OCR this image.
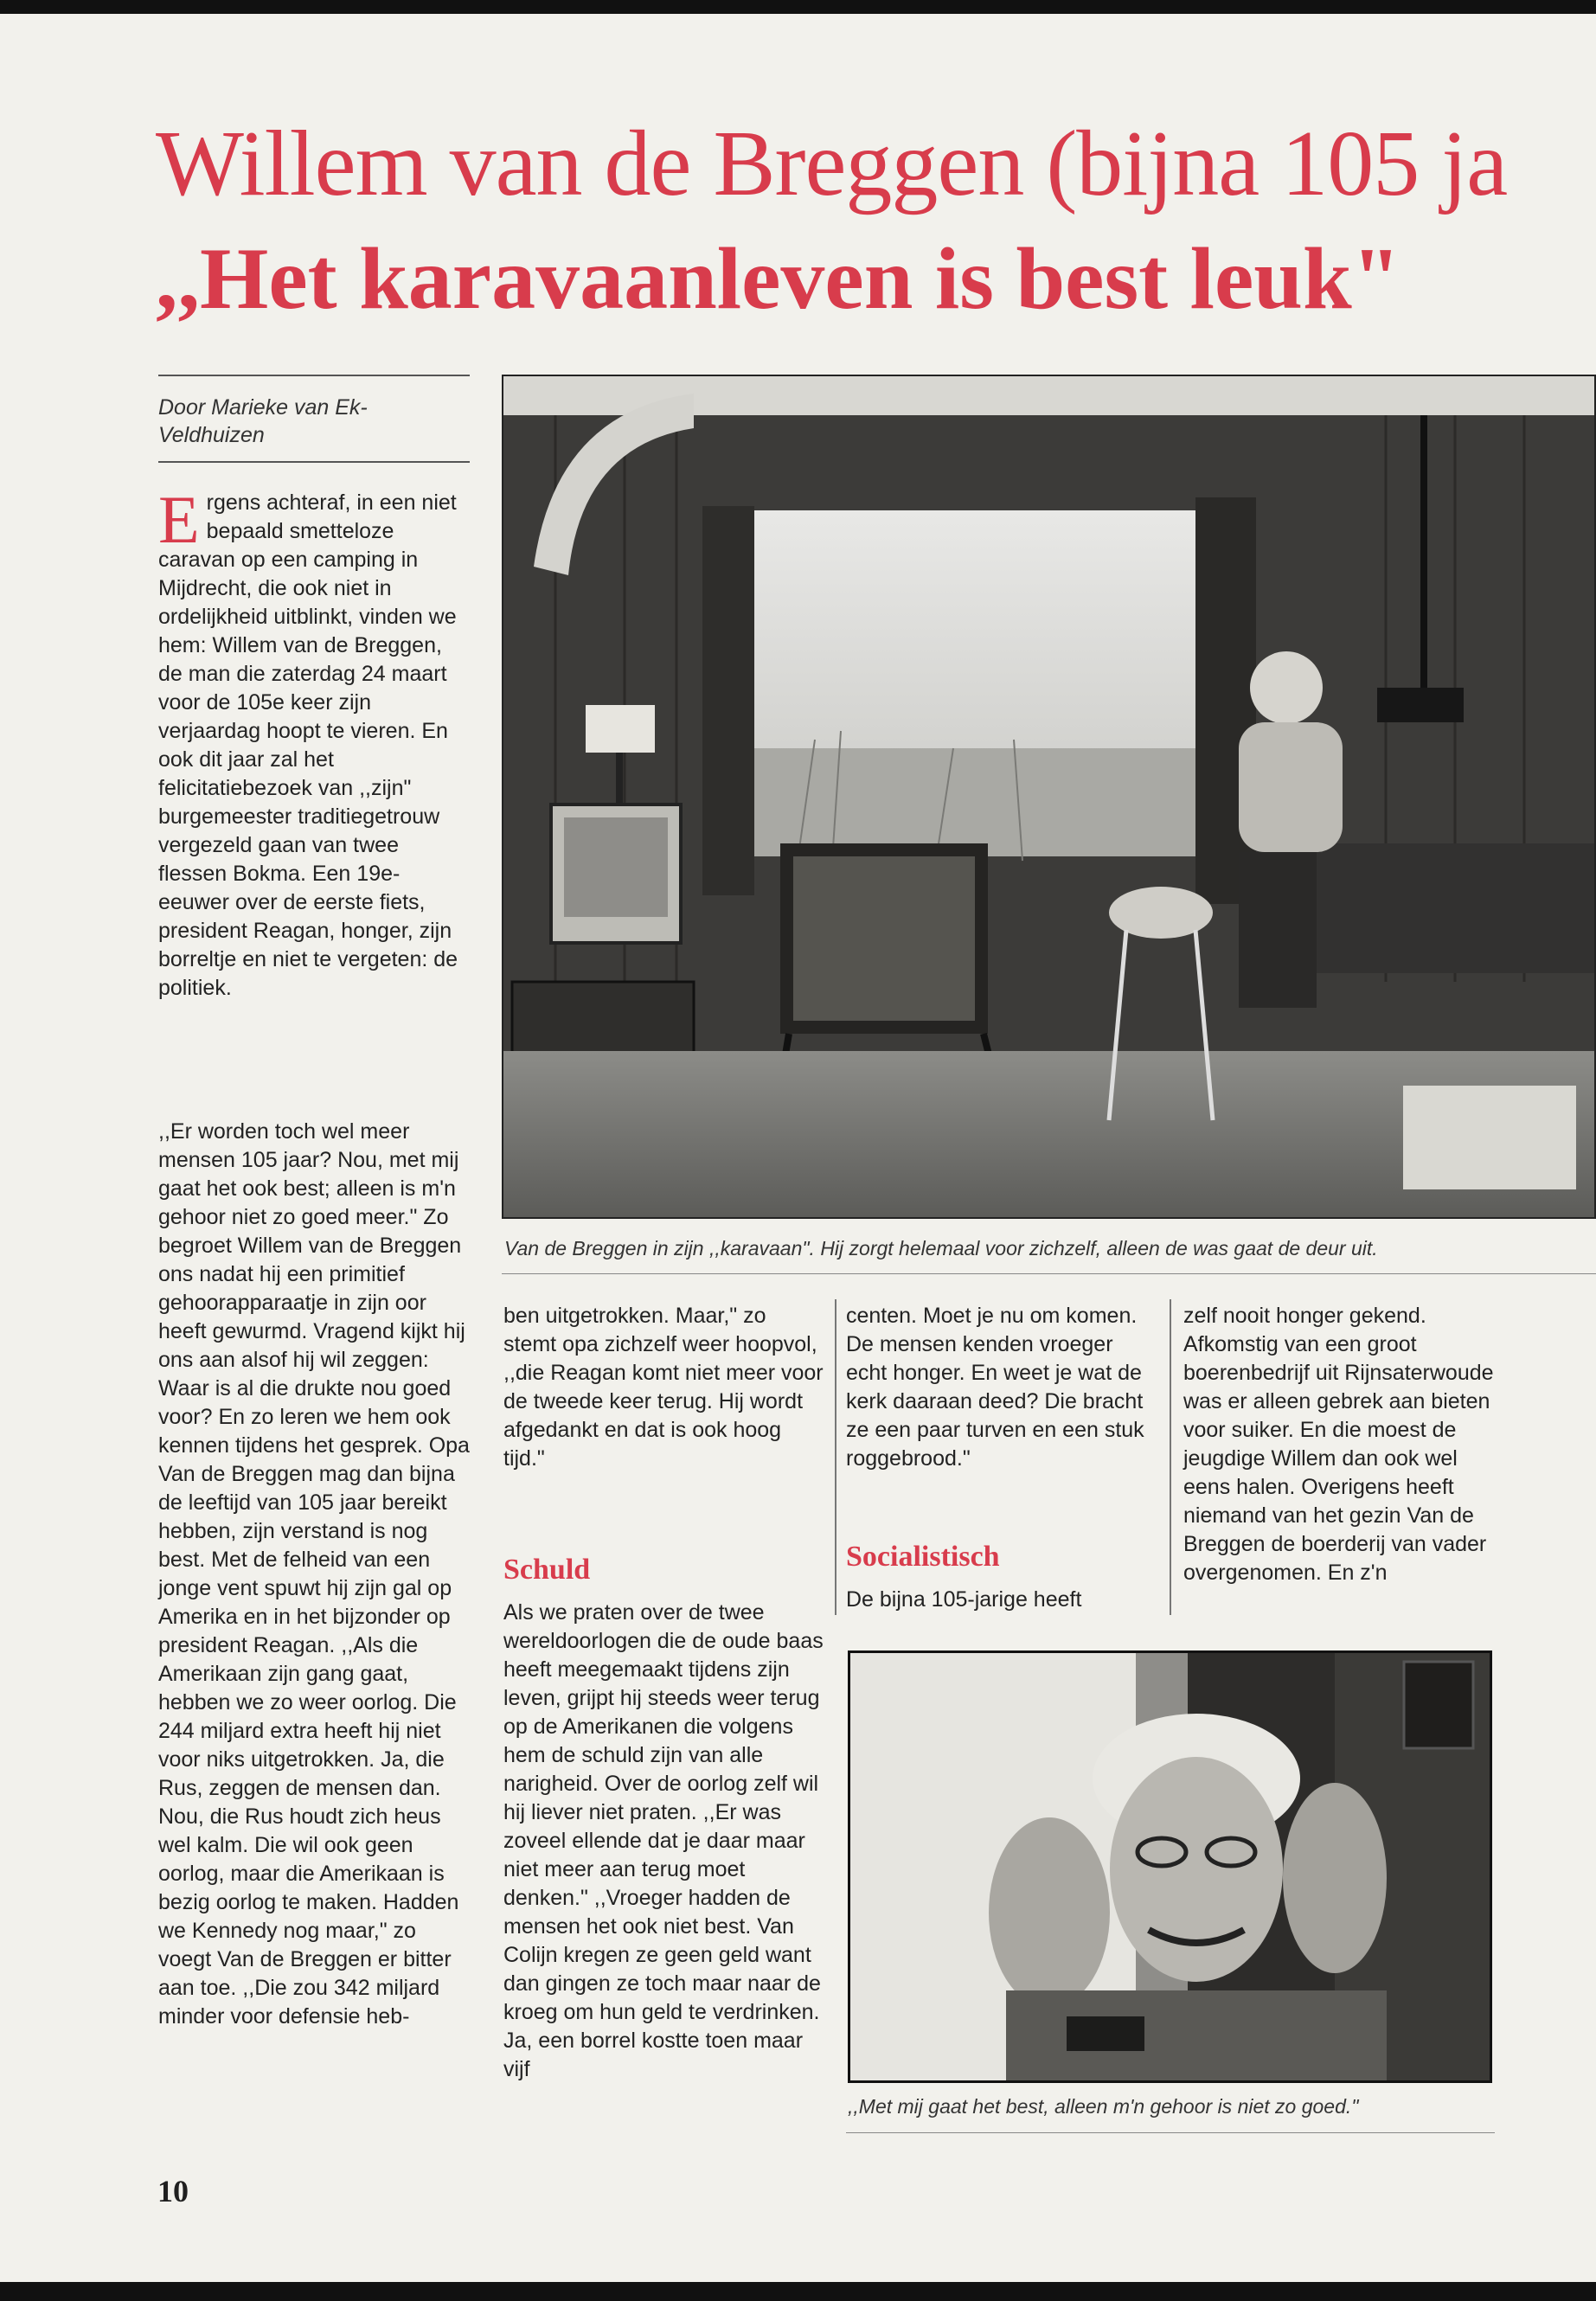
Willem van de Breggen (bijna 105 ja
,,Het karavaanleven is best leuk"
Door Marieke van Ek-Veldhuizen
E rgens achteraf, in een niet bepaald smetteloze caravan op een camping in Mijdrecht, die ook niet in ordelijkheid uitblinkt, vinden we hem: Willem van de Breggen, de man die zaterdag 24 maart voor de 105e keer zijn verjaardag hoopt te vieren. En ook dit jaar zal het felicitatiebezoek van ,,zijn" burgemeester traditiegetrouw vergezeld gaan van twee flessen Bokma. Een 19e-eeuwer over de eerste fiets, president Reagan, honger, zijn borreltje en niet te vergeten: de politiek.
,,Er worden toch wel meer mensen 105 jaar? Nou, met mij gaat het ook best; alleen is m'n gehoor niet zo goed meer." Zo begroet Willem van de Breggen ons nadat hij een primitief gehoorapparaatje in zijn oor heeft gewurmd. Vragend kijkt hij ons aan alsof hij wil zeggen: Waar is al die drukte nou goed voor? En zo leren we hem ook kennen tijdens het gesprek. Opa Van de Breggen mag dan bijna de leeftijd van 105 jaar bereikt hebben, zijn verstand is nog best. Met de felheid van een jonge vent spuwt hij zijn gal op Amerika en in het bijzonder op president Reagan. ,,Als die Amerikaan zijn gang gaat, hebben we zo weer oorlog. Die 244 miljard extra heeft hij niet voor niks uitgetrokken. Ja, die Rus, zeggen de mensen dan. Nou, die Rus houdt zich heus wel kalm. Die wil ook geen oorlog, maar die Amerikaan is bezig oorlog te maken. Hadden we Kennedy nog maar," zo voegt Van de Breggen er bitter aan toe. ,,Die zou 342 miljard minder voor defensie heb-
Van de Breggen in zijn ,,karavaan". Hij zorgt helemaal voor zichzelf, alleen de was gaat de deur uit.
ben uitgetrokken. Maar," zo stemt opa zichzelf weer hoopvol, ,,die Reagan komt niet meer voor de tweede keer terug. Hij wordt afgedankt en dat is ook hoog tijd."
Schuld
Als we praten over de twee wereldoorlogen die de oude baas heeft meegemaakt tijdens zijn leven, grijpt hij steeds weer terug op de Amerikanen die volgens hem de schuld zijn van alle narigheid. Over de oorlog zelf wil hij liever niet praten. ,,Er was zoveel ellende dat je daar maar niet meer aan terug moet denken." ,,Vroeger hadden de mensen het ook niet best. Van Colijn kregen ze geen geld want dan gingen ze toch maar naar de kroeg om hun geld te verdrinken. Ja, een borrel kostte toen maar vijf
centen. Moet je nu om komen. De mensen kenden vroeger echt honger. En weet je wat de kerk daaraan deed? Die bracht ze een paar turven en een stuk roggebrood."
Socialistisch
De bijna 105-jarige heeft
zelf nooit honger gekend. Afkomstig van een groot boerenbedrijf uit Rijnsaterwoude was er alleen gebrek aan bieten voor suiker. En die moest de jeugdige Willem dan ook wel eens halen. Overigens heeft niemand van het gezin Van de Breggen de boerderij van vader overgenomen. En z'n
,,Met mij gaat het best, alleen m'n gehoor is niet zo goed."
10
